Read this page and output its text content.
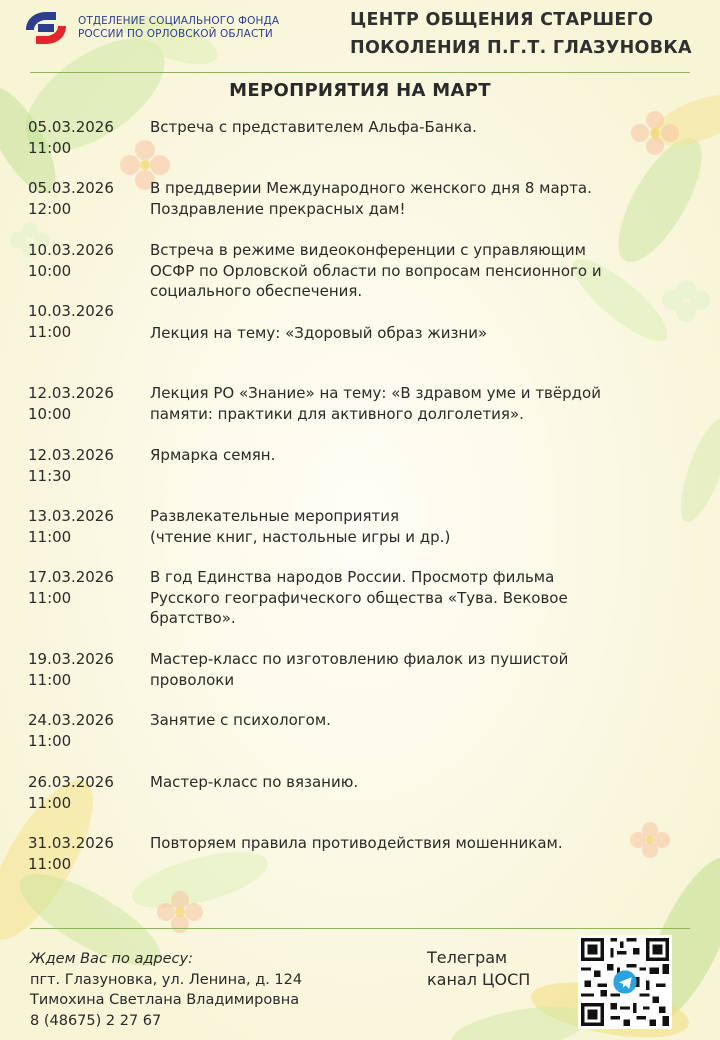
ОТДЕЛЕНИЕ СОЦИАЛЬНОГО ФОНДА
РОССИИ ПО ОРЛОВСКОЙ ОБЛАСТИ
ЦЕНТР ОБЩЕНИЯ СТАРШЕГО
ПОКОЛЕНИЯ П.Г.Т. ГЛАЗУНОВКА
МЕРОПРИЯТИЯ НА МАРТ
05.03.2026
11:00
Встреча с представителем Альфа-Банка.
05.03.2026
12:00
В преддверии Международного женского дня 8 марта.
Поздравление прекрасных дам!
10.03.2026
10:00
Встреча в режиме видеоконференции с управляющим
ОСФР по Орловской области по вопросам пенсионного и
социального обеспечения.
10.03.2026
11:00	Лекция на тему: «Здоровый образ жизни»
12.03.2026
10:00
Лекция РО «Знание» на тему: «В здравом уме и твёрдой
памяти: практики для активного долголетия».
12.03.2026
11:30
Ярмарка семян.
13.03.2026
11:00
Развлекательные мероприятия
(чтение книг, настольные игры и др.)
17.03.2026
11:00
В год Единства народов России. Просмотр фильма
Русского географического общества «Тува. Вековое
братство».
19.03.2026
11:00
Мастер-класс по изготовлению фиалок из пушистой
проволоки
24.03.2026
11:00
Занятие с психологом.
26.03.2026
11:00
Мастер-класс по вязанию.
31.03.2026
11:00
Повторяем правила противодействия мошенникам.
Ждем Вас по адресу:
пгт. Глазуновка, ул. Ленина, д. 124
Тимохина Светлана Владимировна
8 (48675) 2 27 67
Телеграм
канал ЦОСП
